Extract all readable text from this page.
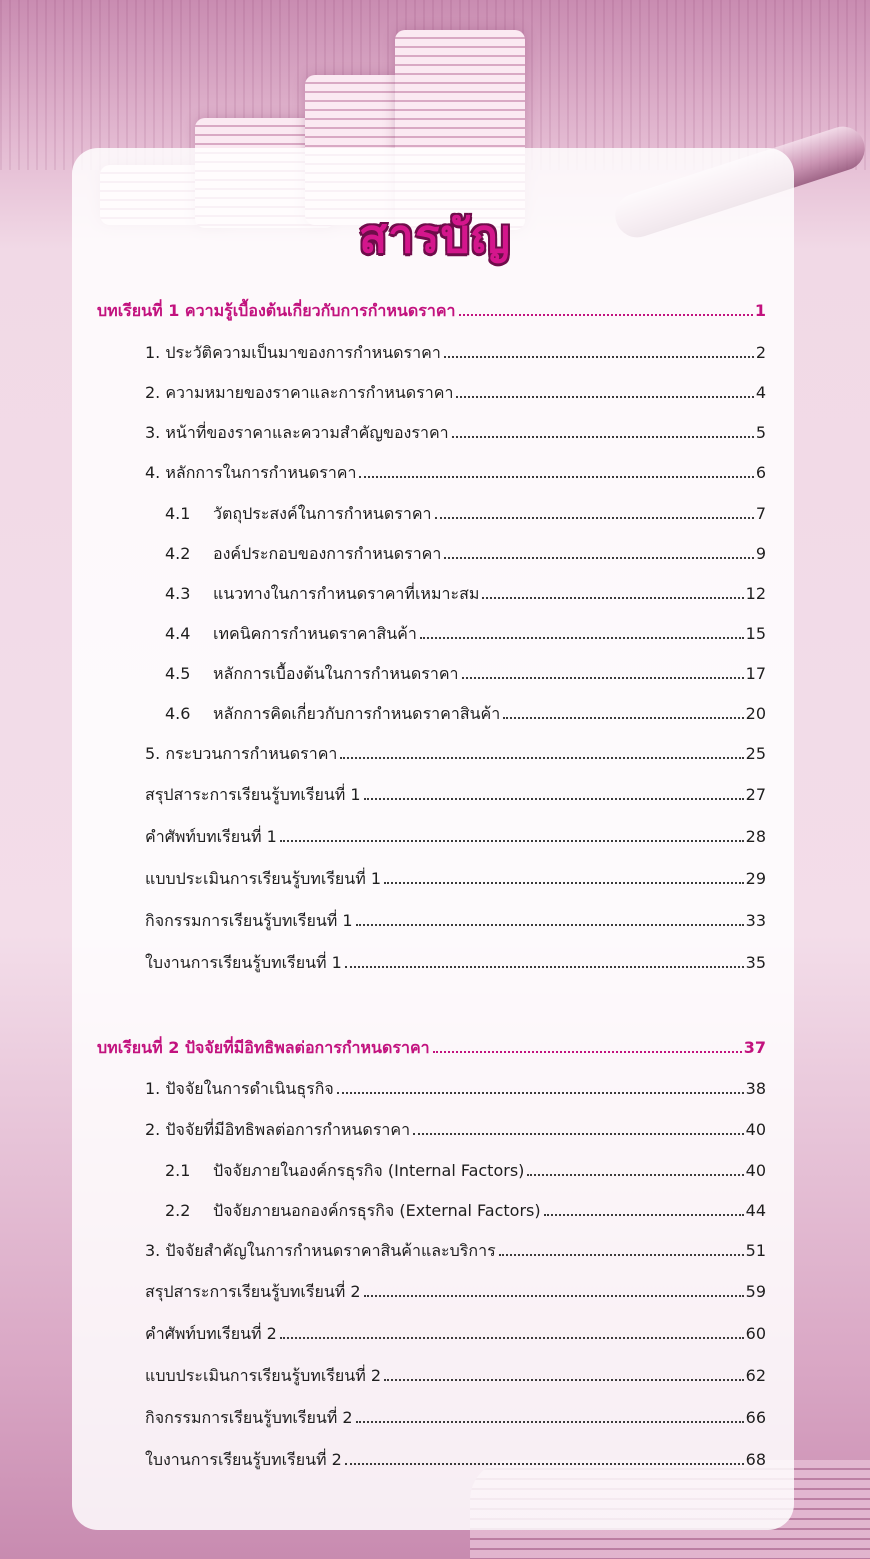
สารบัญ
บทเรียนที่ 1 ความรู้เบื้องต้นเกี่ยวกับการกำหนดราคา	1
1. ประวัติความเป็นมาของการกำหนดราคา	2
2. ความหมายของราคาและการกำหนดราคา	4
3. หน้าที่ของราคาและความสำคัญของราคา	5
4. หลักการในการกำหนดราคา	6
4.1	วัตถุประสงค์ในการกำหนดราคา	7
4.2	องค์ประกอบของการกำหนดราคา	9
4.3	แนวทางในการกำหนดราคาที่เหมาะสม	12
4.4	เทคนิคการกำหนดราคาสินค้า	15
4.5	หลักการเบื้องต้นในการกำหนดราคา	17
4.6	หลักการคิดเกี่ยวกับการกำหนดราคาสินค้า	20
5. กระบวนการกำหนดราคา	25
สรุปสาระการเรียนรู้บทเรียนที่ 1	27
คำศัพท์บทเรียนที่ 1	28
แบบประเมินการเรียนรู้บทเรียนที่ 1	29
กิจกรรมการเรียนรู้บทเรียนที่ 1	33
ใบงานการเรียนรู้บทเรียนที่ 1	35
บทเรียนที่ 2 ปัจจัยที่มีอิทธิพลต่อการกำหนดราคา	37
1. ปัจจัยในการดำเนินธุรกิจ	38
2. ปัจจัยที่มีอิทธิพลต่อการกำหนดราคา	40
2.1	ปัจจัยภายในองค์กรธุรกิจ (Internal Factors)	40
2.2	ปัจจัยภายนอกองค์กรธุรกิจ (External Factors)	44
3. ปัจจัยสำคัญในการกำหนดราคาสินค้าและบริการ	51
สรุปสาระการเรียนรู้บทเรียนที่ 2	59
คำศัพท์บทเรียนที่ 2	60
แบบประเมินการเรียนรู้บทเรียนที่ 2	62
กิจกรรมการเรียนรู้บทเรียนที่ 2	66
ใบงานการเรียนรู้บทเรียนที่ 2	68
